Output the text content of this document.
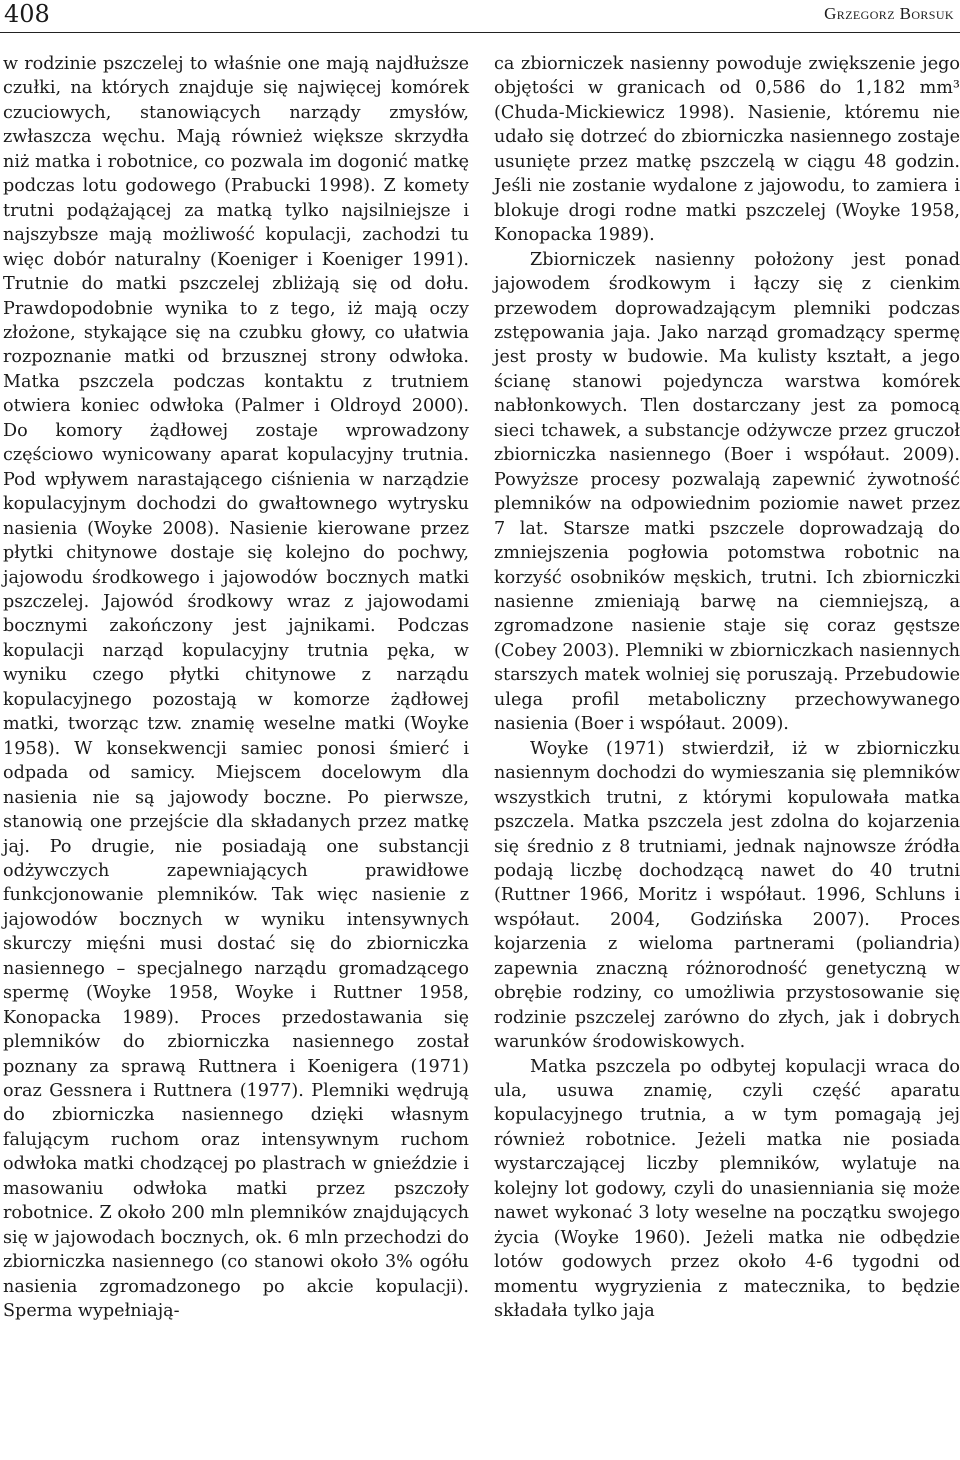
408	Grzegorz Borsuk

w rodzinie pszczelej to właśnie one mają najdłuższe czułki, na których znajduje się najwięcej komórek czuciowych, stanowiących narządy zmysłów, zwłaszcza węchu. Mają również większe skrzydła niż matka i robotnice, co pozwala im dogonić matkę podczas lotu godowego (Prabucki 1998). Z komety trutni podążającej za matką tylko najsilniejsze i najszybsze mają możliwość kopulacji, zachodzi tu więc dobór naturalny (Koeniger i Koeniger 1991). Trutnie do matki pszczelej zbliżają się od dołu. Prawdopodobnie wynika to z tego, iż mają oczy złożone, stykające się na czubku głowy, co ułatwia rozpoznanie matki od brzusznej strony odwłoka. Matka pszczela podczas kontaktu z trutniem otwiera koniec odwłoka (Palmer i Oldroyd 2000). Do komory żądłowej zostaje wprowadzony częściowo wynicowany aparat kopulacyjny trutnia. Pod wpływem narastającego ciśnienia w narządzie kopulacyjnym dochodzi do gwałtownego wytrysku nasienia (Woyke 2008). Nasienie kierowane przez płytki chitynowe dostaje się kolejno do pochwy, jajowodu środkowego i jajowodów bocznych matki pszczelej. Jajowód środkowy wraz z jajowodami bocznymi zakończony jest jajnikami. Podczas kopulacji narząd kopulacyjny trutnia pęka, w wyniku czego płytki chitynowe z narządu kopulacyjnego pozostają w komorze żądłowej matki, tworząc tzw. znamię weselne matki (Woyke 1958). W konsekwencji samiec ponosi śmierć i odpada od samicy. Miejscem docelowym dla nasienia nie są jajowody boczne. Po pierwsze, stanowią one przejście dla składanych przez matkę jaj. Po drugie, nie posiadają one substancji odżywczych zapewniających prawidłowe funkcjonowanie plemników. Tak więc nasienie z jajowodów bocznych w wyniku intensywnych skurczy mięśni musi dostać się do zbiorniczka nasiennego – specjalnego narządu gromadzącego spermę (Woyke 1958, Woyke i Ruttner 1958, Konopacka 1989). Proces przedostawania się plemników do zbiorniczka nasiennego został poznany za sprawą Ruttnera i Koenigera (1971) oraz Gessnera i Ruttnera (1977). Plemniki wędrują do zbiorniczka nasiennego dzięki własnym falującym ruchom oraz intensywnym ruchom odwłoka matki chodzącej po plastrach w gnieździe i masowaniu odwłoka matki przez pszczoły robotnice. Z około 200 mln plemników znajdujących się w jajowodach bocznych, ok. 6 mln przechodzi do zbiorniczka nasiennego (co stanowi około 3% ogółu nasienia zgromadzonego po akcie kopulacji). Sperma wypełniają-

ca zbiorniczek nasienny powoduje zwiększenie jego objętości w granicach od 0,586 do 1,182 mm³ (Chuda-Mickiewicz 1998). Nasienie, któremu nie udało się dotrzeć do zbiorniczka nasiennego zostaje usunięte przez matkę pszczelą w ciągu 48 godzin. Jeśli nie zostanie wydalone z jajowodu, to zamiera i blokuje drogi rodne matki pszczelej (Woyke 1958, Konopacka 1989).

Zbiorniczek nasienny położony jest ponad jajowodem środkowym i łączy się z cienkim przewodem doprowadzającym plemniki podczas zstępowania jaja. Jako narząd gromadzący spermę jest prosty w budowie. Ma kulisty kształt, a jego ścianę stanowi pojedyncza warstwa komórek nabłonkowych. Tlen dostarczany jest za pomocą sieci tchawek, a substancje odżywcze przez gruczoł zbiorniczka nasiennego (Boer i współaut. 2009). Powyższe procesy pozwalają zapewnić żywotność plemników na odpowiednim poziomie nawet przez 7 lat. Starsze matki pszczele doprowadzają do zmniejszenia pogłowia potomstwa robotnic na korzyść osobników męskich, trutni. Ich zbiorniczki nasienne zmieniają barwę na ciemniejszą, a zgromadzone nasienie staje się coraz gęstsze (Cobey 2003). Plemniki w zbiorniczkach nasiennych starszych matek wolniej się poruszają. Przebudowie ulega profil metaboliczny przechowywanego nasienia (Boer i współaut. 2009).

Woyke (1971) stwierdził, iż w zbiorniczku nasiennym dochodzi do wymieszania się plemników wszystkich trutni, z którymi kopulowała matka pszczela. Matka pszczela jest zdolna do kojarzenia się średnio z 8 trutniami, jednak najnowsze źródła podają liczbę dochodzącą nawet do 40 trutni (Ruttner 1966, Moritz i współaut. 1996, Schluns i współaut. 2004, Godzińska 2007). Proces kojarzenia z wieloma partnerami (poliandria) zapewnia znaczną różnorodność genetyczną w obrębie rodziny, co umożliwia przystosowanie się rodzinie pszczelej zarówno do złych, jak i dobrych warunków środowiskowych.

Matka pszczela po odbytej kopulacji wraca do ula, usuwa znamię, czyli część aparatu kopulacyjnego trutnia, a w tym pomagają jej również robotnice. Jeżeli matka nie posiada wystarczającej liczby plemników, wylatuje na kolejny lot godowy, czyli do unasienniania się może nawet wykonać 3 loty weselne na początku swojego życia (Woyke 1960). Jeżeli matka nie odbędzie lotów godowych przez około 4-6 tygodni od momentu wygryzienia z matecznika, to będzie składała tylko jaja
